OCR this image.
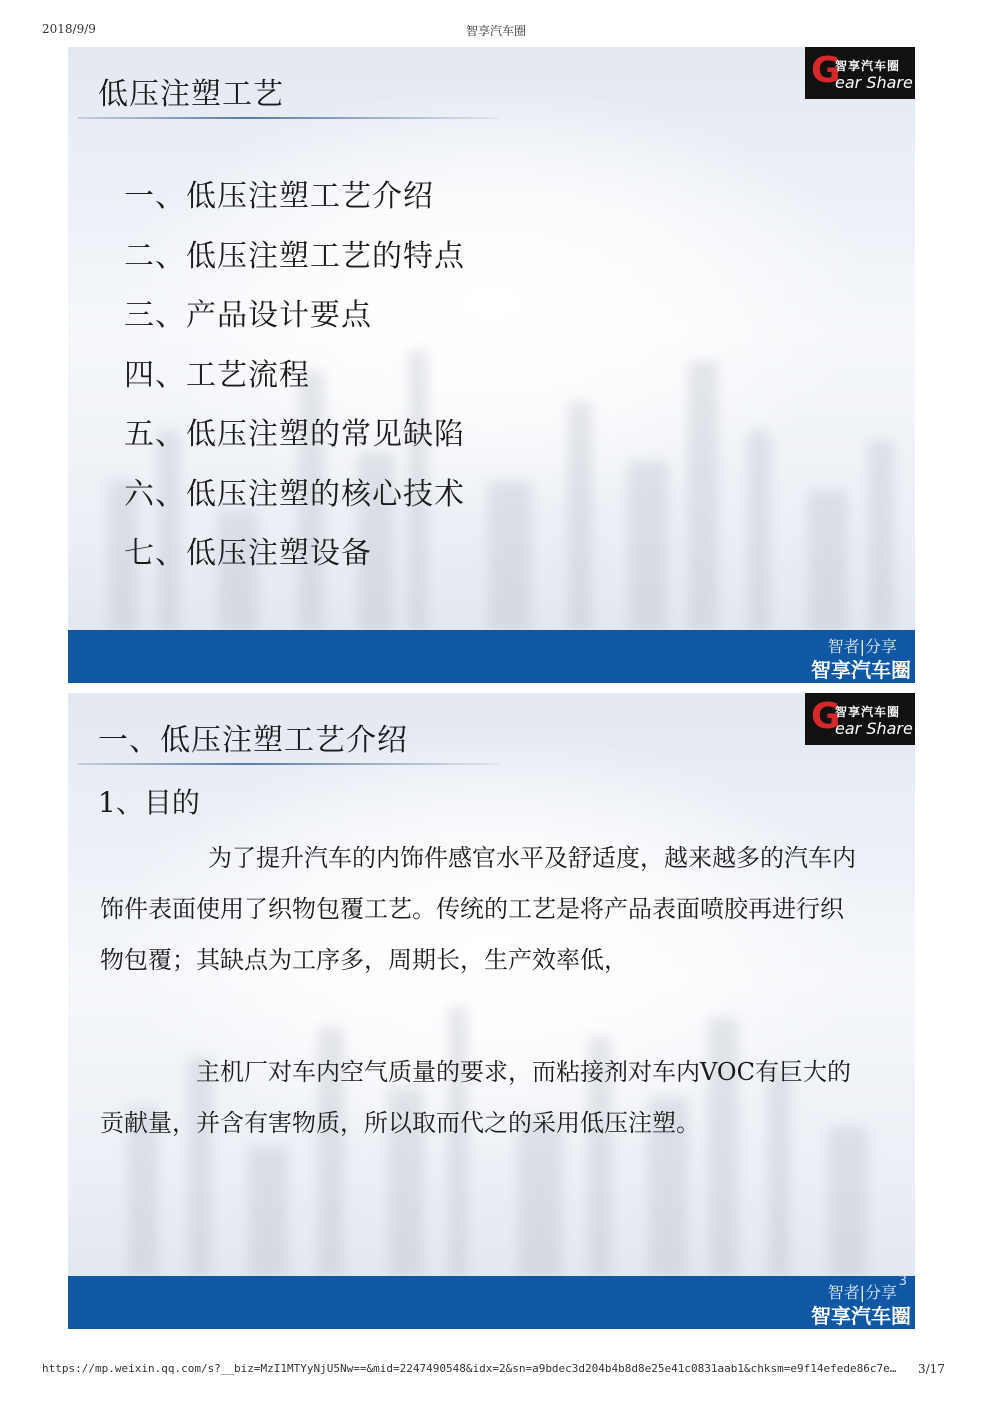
2018/9/9	智享汽车圈
低压注塑工艺
G
智享汽车圈
ear Share
一、低压注塑工艺介绍
二、低压注塑工艺的特点
三、产品设计要点
四、工艺流程
五、低压注塑的常见缺陷
六、低压注塑的核心技术
七、低压注塑设备
智者|分享
智享汽车圈
一、低压注塑工艺介绍
G
智享汽车圈
ear Share
1、目的

为了提升汽车的内饰件感官水平及舒适度，越来越多的汽车内饰件表面使用了织物包覆工艺。传统的工艺是将产品表面喷胶再进行织物包覆；其缺点为工序多，周期长，生产效率低，

主机厂对车内空气质量的要求，而粘接剂对车内VOC有巨大的贡献量，并含有害物质，所以取而代之的采用低压注塑。

3
智者|分享
智享汽车圈
https://mp.weixin.qq.com/s?__biz=MzI1MTYyNjU5Nw==&mid=2247490548&idx=2&sn=a9bdec3d204b4b8d8e25e41c0831aab1&chksm=e9f14efede86c7e… 3/17
